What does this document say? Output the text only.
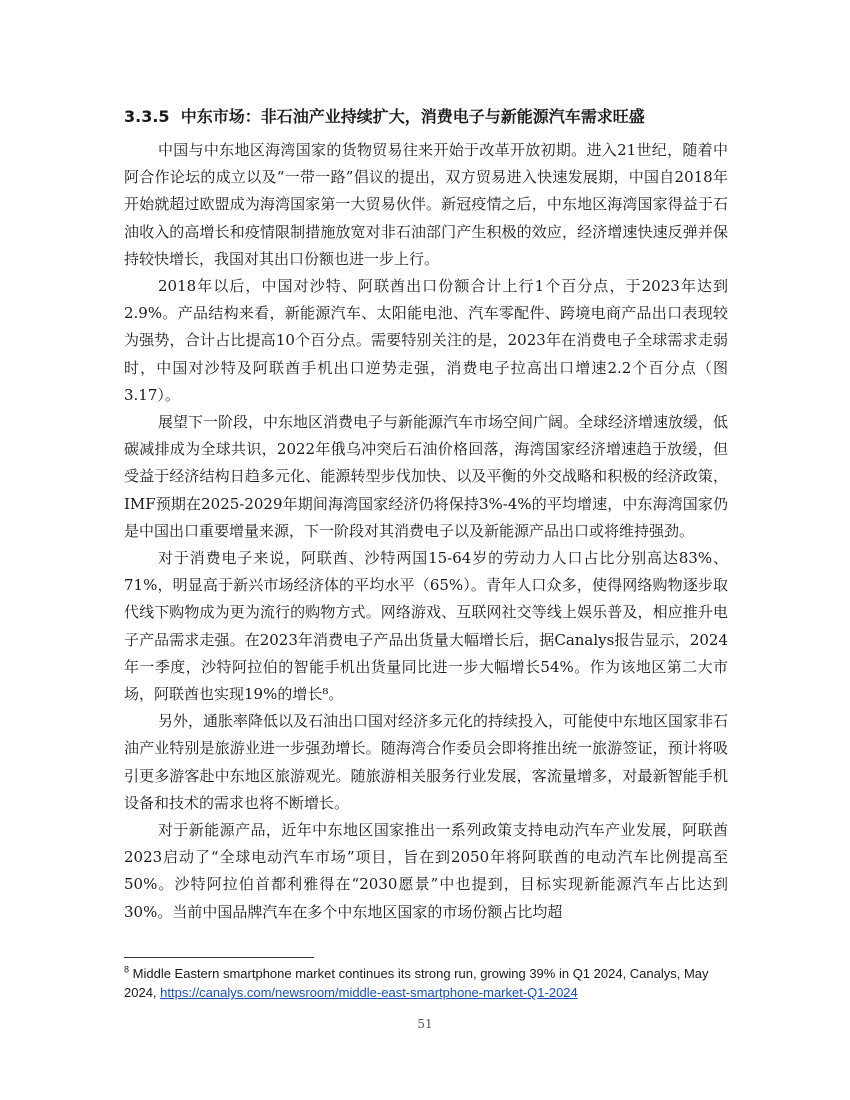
3.3.5 中东市场：非石油产业持续扩大，消费电子与新能源汽车需求旺盛

中国与中东地区海湾国家的货物贸易往来开始于改革开放初期。进入21世纪，随着中阿合作论坛的成立以及“一带一路”倡议的提出，双方贸易进入快速发展期，中国自2018年开始就超过欧盟成为海湾国家第一大贸易伙伴。新冠疫情之后，中东地区海湾国家得益于石油收入的高增长和疫情限制措施放宽对非石油部门产生积极的效应，经济增速快速反弹并保持较快增长，我国对其出口份额也进一步上行。

2018年以后，中国对沙特、阿联酋出口份额合计上行1个百分点，于2023年达到2.9%。产品结构来看，新能源汽车、太阳能电池、汽车零配件、跨境电商产品出口表现较为强势，合计占比提高10个百分点。需要特别关注的是，2023年在消费电子全球需求走弱时，中国对沙特及阿联酋手机出口逆势走强，消费电子拉高出口增速2.2个百分点（图3.17）。

展望下一阶段，中东地区消费电子与新能源汽车市场空间广阔。全球经济增速放缓，低碳减排成为全球共识，2022年俄乌冲突后石油价格回落，海湾国家经济增速趋于放缓，但受益于经济结构日趋多元化、能源转型步伐加快、以及平衡的外交战略和积极的经济政策，IMF预期在2025-2029年期间海湾国家经济仍将保持3%-4%的平均增速，中东海湾国家仍是中国出口重要增量来源，下一阶段对其消费电子以及新能源产品出口或将维持强劲。

对于消费电子来说，阿联酋、沙特两国15-64岁的劳动力人口占比分别高达83%、71%，明显高于新兴市场经济体的平均水平（65%）。青年人口众多，使得网络购物逐步取代线下购物成为更为流行的购物方式。网络游戏、互联网社交等线上娱乐普及，相应推升电子产品需求走强。在2023年消费电子产品出货量大幅增长后，据Canalys报告显示，2024年一季度，沙特阿拉伯的智能手机出货量同比进一步大幅增长54%。作为该地区第二大市场，阿联酋也实现19%的增长⁸。

另外，通胀率降低以及石油出口国对经济多元化的持续投入，可能使中东地区国家非石油产业特别是旅游业进一步强劲增长。随海湾合作委员会即将推出统一旅游签证，预计将吸引更多游客赴中东地区旅游观光。随旅游相关服务行业发展，客流量增多，对最新智能手机设备和技术的需求也将不断增长。

对于新能源产品，近年中东地区国家推出一系列政策支持电动汽车产业发展，阿联酋2023启动了“全球电动汽车市场”项目，旨在到2050年将阿联酋的电动汽车比例提高至50%。沙特阿拉伯首都利雅得在“2030愿景”中也提到，目标实现新能源汽车占比达到30%。当前中国品牌汽车在多个中东地区国家的市场份额占比均超

$^8$ Middle Eastern smartphone market continues its strong run, growing 39% in Q1 2024, Canalys, May 2024, https://canalys.com/newsroom/middle-east-smartphone-market-Q1-2024
51
